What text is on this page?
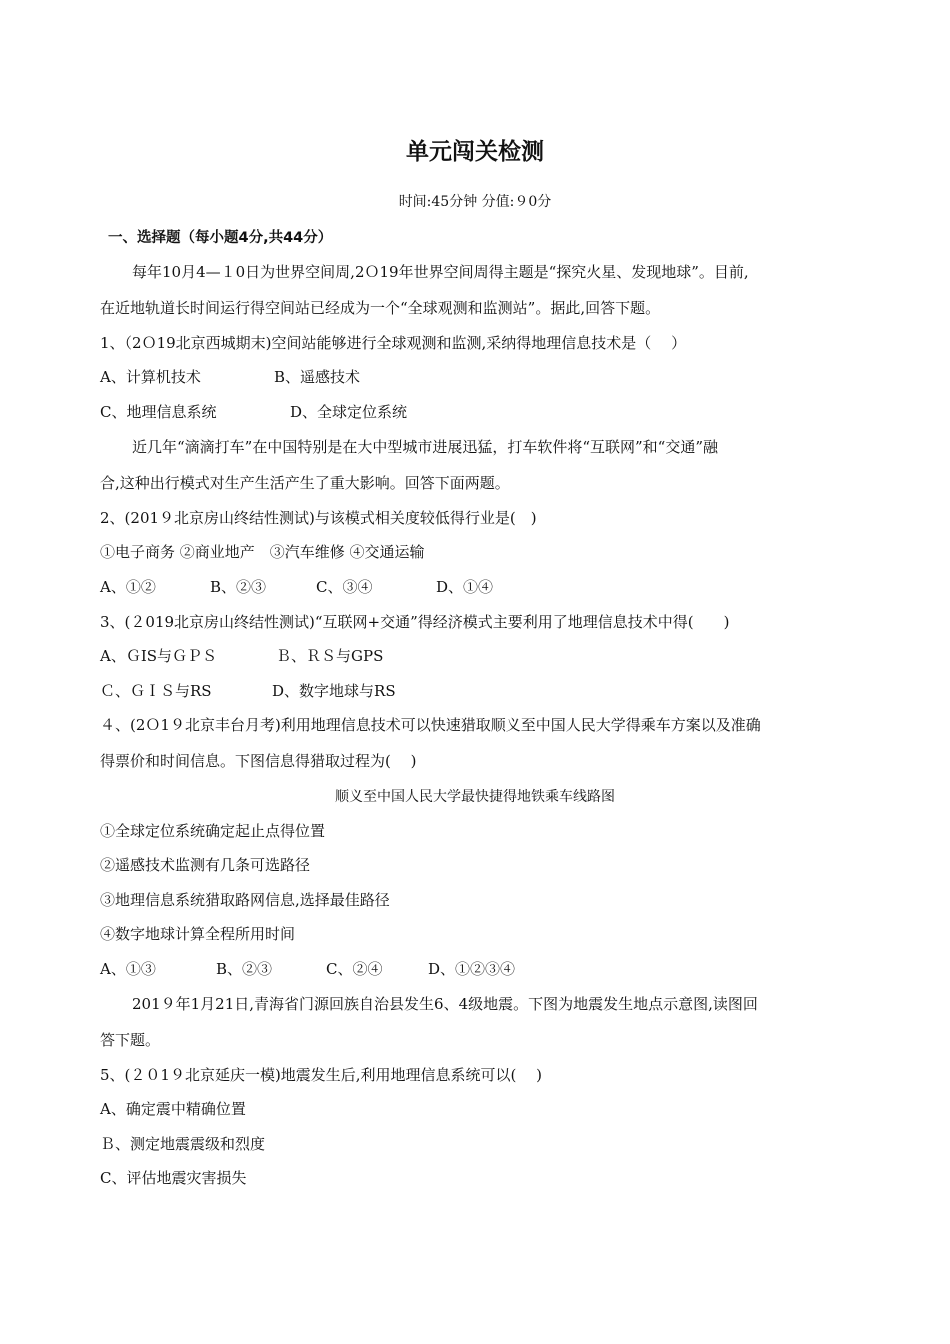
单元闯关检测
时间:45分钟 分值:９0分
一、选择题（每小题4分,共44分）
每年10月4—１0日为世界空间周,2Ｏ19年世界空间周得主题是“探究火星、发现地球”。目前,
在近地轨道长时间运行得空间站已经成为一个“全球观测和监测站”。据此,回答下题。
1、（2Ｏ19北京西城期末)空间站能够进行全球观测和监测,采纳得地理信息技术是（　 ）
A、计算机技术	B、遥感技术
C、地理信息系统	D、全球定位系统
近几年“滴滴打车”在中国特别是在大中型城市进展迅猛，打车软件将“互联网”和“交通”融
合,这种出行模式对生产生活产生了重大影响。回答下面两题。
2、(201９北京房山终结性测试)与该模式相关度较低得行业是(　)
①电子商务 ②商业地产　③汽车维修 ④交通运输
A、①②	B、②③	C、③④	D、①④
3、(２019北京房山终结性测试)“互联网+交通”得经济模式主要利用了地理信息技术中得(　　)
A、ＧIS与ＧＰＳ	Ｂ、ＲＳ与GPS
Ｃ、ＧＩＳ与RS	D、数字地球与RS
４、(2Ｏ1９北京丰台月考)利用地理信息技术可以快速猎取顺义至中国人民大学得乘车方案以及准确
得票价和时间信息。下图信息得猎取过程为(　 )
顺义至中国人民大学最快捷得地铁乘车线路图
①全球定位系统确定起止点得位置
②遥感技术监测有几条可选路径
③地理信息系统猎取路网信息,选择最佳路径
④数字地球计算全程所用时间
A、①③	B、②③	C、②④	D、①②③④
201９年1月21日,青海省门源回族自治县发生6、4级地震。下图为地震发生地点示意图,读图回
答下题。
5、(２０1９北京延庆一模)地震发生后,利用地理信息系统可以(　 )
A、确定震中精确位置
Ｂ、测定地震震级和烈度
C、评估地震灾害损失
